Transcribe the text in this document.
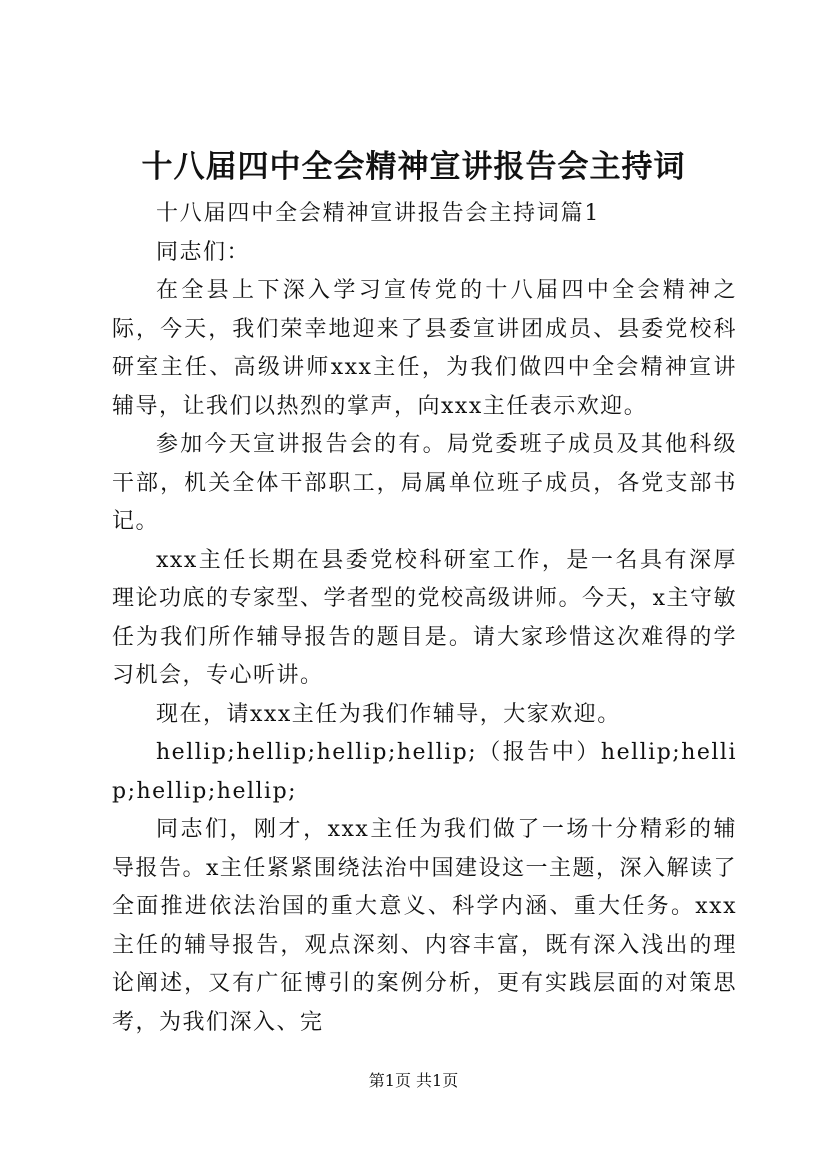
十八届四中全会精神宣讲报告会主持词

十八届四中全会精神宣讲报告会主持词篇1

同志们：

在全县上下深入学习宣传党的十八届四中全会精神之际，今天，我们荣幸地迎来了县委宣讲团成员、县委党校科研室主任、高级讲师xxx主任，为我们做四中全会精神宣讲辅导，让我们以热烈的掌声，向xxx主任表示欢迎。

参加今天宣讲报告会的有。局党委班子成员及其他科级干部，机关全体干部职工，局属单位班子成员，各党支部书记。

xxx主任长期在县委党校科研室工作，是一名具有深厚理论功底的专家型、学者型的党校高级讲师。今天，x主守敏任为我们所作辅导报告的题目是。请大家珍惜这次难得的学习机会，专心听讲。

现在，请xxx主任为我们作辅导，大家欢迎。

hellip;hellip;hellip;hellip;（报告中）hellip;hellip;hellip;hellip;

同志们，刚才，xxx主任为我们做了一场十分精彩的辅导报告。x主任紧紧围绕法治中国建设这一主题，深入解读了全面推进依法治国的重大意义、科学内涵、重大任务。xxx主任的辅导报告，观点深刻、内容丰富，既有深入浅出的理论阐述，又有广征博引的案例分析，更有实践层面的对策思考，为我们深入、完

第1页 共1页
